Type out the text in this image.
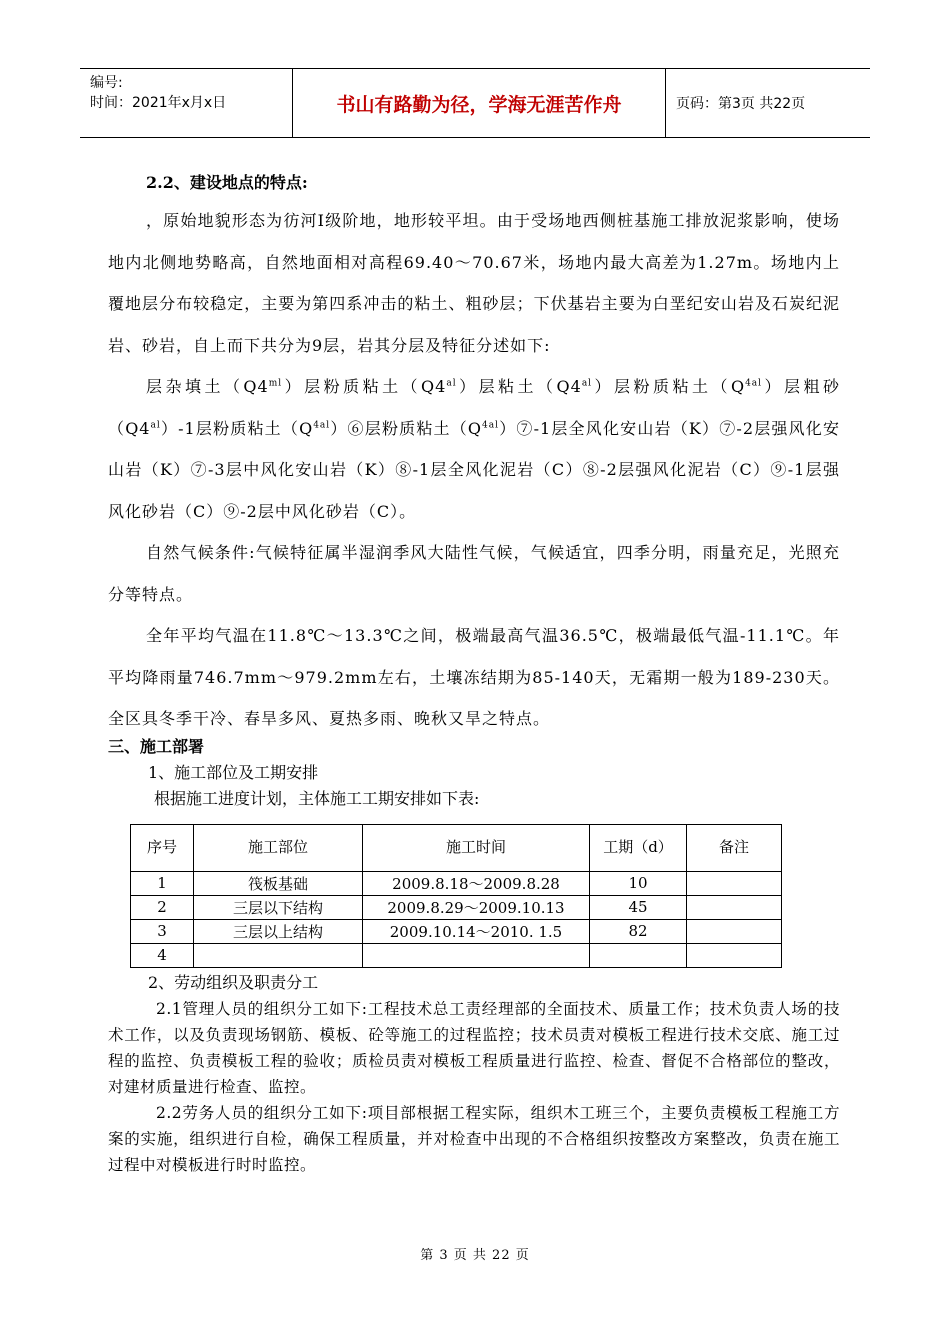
编号:
时间：2021年x月x日	书山有路勤为径，学海无涯苦作舟	页码：第3页 共22页
2.2、建设地点的特点:

，原始地貌形态为彷河Ⅰ级阶地，地形较平坦。由于受场地西侧桩基施工排放泥浆影响，使场地内北侧地势略高，自然地面相对高程69.40～70.67米，场地内最大高差为1.27m。场地内上覆地层分布较稳定，主要为第四系冲击的粘土、粗砂层；下伏基岩主要为白垩纪安山岩及石炭纪泥岩、砂岩，自上而下共分为9层，岩其分层及特征分述如下:

层杂填土$(Q4^{ml})$层粉质粘土$(Q4^{al})$层粘土$(Q4^{al})$层粉质粘土$(Q^{4al})$层粗砂$(Q4^{al})-1$层粉质粘土$(Q^{4al})⑥$层粉质粘土$(Q^{4al})⑦-1$层全风化安山岩（K）⑦-2层强风化安山岩（K）⑦-3层中风化安山岩（K）⑧-1层全风化泥岩（C）⑧-2层强风化泥岩（C）⑨-1层强风化砂岩（C）⑨-2层中风化砂岩（C）。

自然气候条件:气候特征属半湿润季风大陆性气候，气候适宜，四季分明，雨量充足，光照充分等特点。

全年平均气温在11.8℃～13.3℃之间，极端最高气温36.5℃，极端最低气温-11.1℃。年平均降雨量746.7mm～979.2mm左右，土壤冻结期为85-140天，无霜期一般为189-230天。全区具冬季干冷、春旱多风、夏热多雨、晚秋又旱之特点。

三、施工部署
1、施工部位及工期安排
根据施工进度计划，主体施工工期安排如下表:
序号	施工部位	施工时间	工期（d）	备注
1	筏板基础	2009.8.18～2009.8.28	10	
2	三层以下结构	2009.8.29～2009.10.13	45	
3	三层以上结构	2009.10.14～2010. 1.5	82	
4				
2、劳动组织及职责分工

2.1管理人员的组织分工如下:工程技术总工责经理部的全面技术、质量工作；技术负责人场的技术工作，以及负责现场钢筋、模板、砼等施工的过程监控；技术员责对模板工程进行技术交底、施工过程的监控、负责模板工程的验收；质检员责对模板工程质量进行监控、检查、督促不合格部位的整改，对建材质量进行检查、监控。

2.2劳务人员的组织分工如下:项目部根据工程实际，组织木工班三个，主要负责模板工程施工方案的实施，组织进行自检，确保工程质量，并对检查中出现的不合格组织按整改方案整改，负责在施工过程中对模板进行时时监控。

第 3 页 共 22 页
